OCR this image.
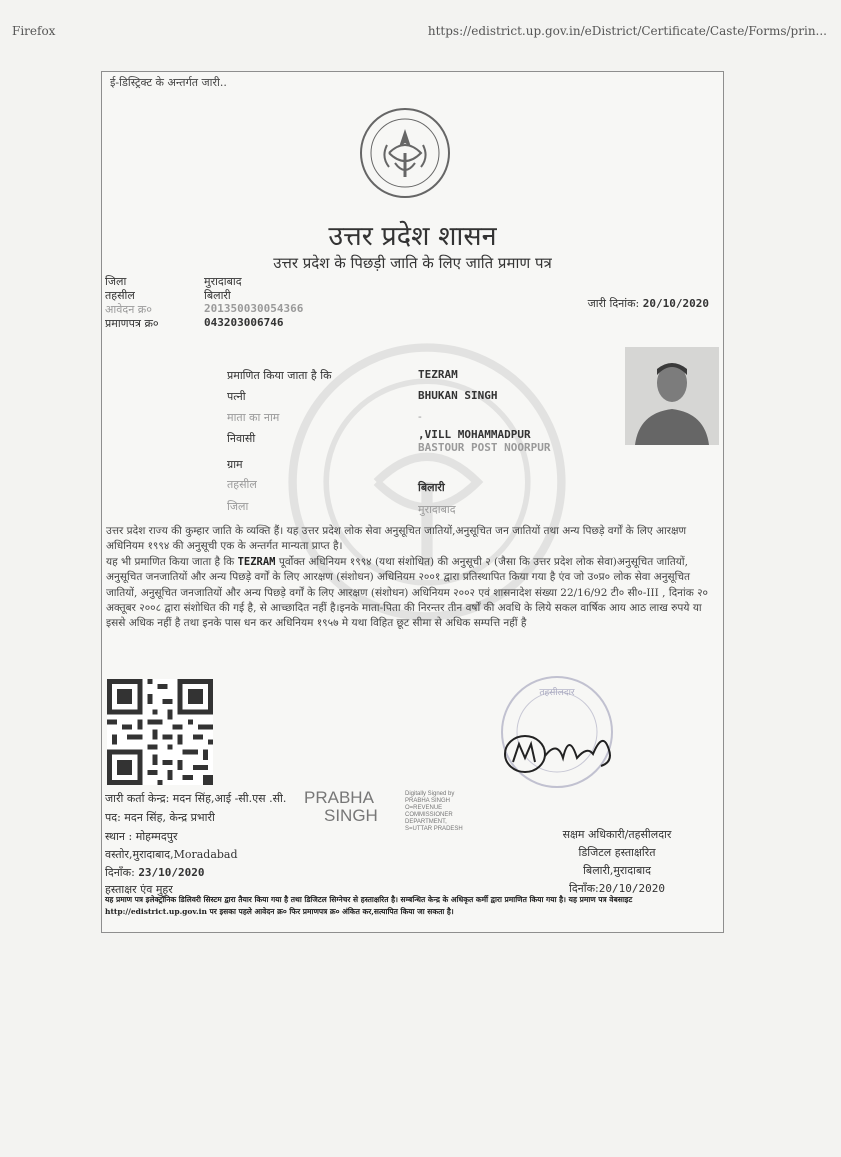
Firefox	https://edistrict.up.gov.in/eDistrict/Certificate/Caste/Forms/prin...
ई-डिस्ट्रिक्ट के अन्तर्गत जारी..
उत्तर प्रदेश शासन
उत्तर प्रदेश के पिछड़ी जाति के लिए जाति प्रमाण पत्र
जिला	मुरादाबाद
तहसील	बिलारी
आवेदन क्र०	201350030054366
प्रमाणपत्र क्र०	043203006746
जारी दिनांक: 20/10/2020
प्रमाणित किया जाता है कि	TEZRAM
पत्नी	BHUKAN SINGH
माता का नाम	-
निवासी	,VILL MOHAMMADPUR
BASTOUR POST NOORPUR
ग्राम
तहसील	बिलारी
जिला	मुरादाबाद
उत्तर प्रदेश राज्य की कुम्हार जाति के व्यक्ति हैं। यह उत्तर प्रदेश लोक सेवा अनुसूचित जातियों,अनुसूचित जन जातियों तथा अन्य पिछड़े वर्गों के लिए आरक्षण अधिनियम १९९४ की अनुसूची एक के अन्तर्गत मान्यता प्राप्त है।
यह भी प्रमाणित किया जाता है कि TEZRAM पूर्वोक्त अधिनियम १९९४ (यथा संशोधित) की अनुसूची २ (जैसा कि उत्तर प्रदेश लोक सेवा)अनुसूचित जातियों, अनुसूचित जनजातियों और अन्य पिछड़े वर्गों के लिए आरक्षण (संशोधन) अधिनियम २००१ द्वारा प्रतिस्थापित किया गया है एंव जो उ०प्र० लोक सेवा अनुसूचित जातियों, अनुसूचित जनजातियों और अन्य पिछड़े वर्गों के लिए आरक्षण (संशोधन) अधिनियम २००२ एवं शासनादेश संख्या 22/16/92 टी० सी०-III , दिनांक २० अक्तूबर २००८ द्वारा संशोधित की गई है, से आच्छादित नहीं है।इनके माता-पिता की निरन्तर तीन वर्षों की अवधि के लिये सकल वार्षिक आय आठ लाख रुपये या इससे अधिक नहीं है तथा इनके पास धन कर अधिनियम १९५७ मे यथा विहित छूट सीमा से अधिक सम्पत्ति नहीं है
जारी कर्ता केन्द्र: मदन सिंह,आई -सी.एस .सी.
पद: मदन सिंह, केन्द्र प्रभारी
स्थान : मोहम्मदपुर
वस्तोर,मुरादाबाद,Moradabad
दिनाँक: 23/10/2020
हस्ताक्षर एंव मुहर
PRABHA
SINGH
Digitally Signed by
PRABHA SINGH
O=REVENUE
COMMISSIONER
DEPARTMENT,
S=UTTAR PRADESH
तहसीलदार
सक्षम अधिकारी/तहसीलदार
डिजिटल हस्ताक्षरित
बिलारी,मुरादाबाद
दिनाँक:20/10/2020
यह प्रमाण पत्र इलेक्ट्रॉनिक डिलिवरी सिस्टम द्वारा तैयार किया गया है तथा डिजिटल सिग्नेचर से हस्ताक्षरित है। सम्बन्धित केन्द्र के अधिकृत कर्मी द्वारा प्रमाणित किया गया है। यह प्रमाण पत्र वेबसाइट http://edistrict.up.gov.in पर इसका पहले आवेदन क्र० फिर प्रमाणपत्र क्र० अंकित कर,सत्यापित किया जा सकता है।
